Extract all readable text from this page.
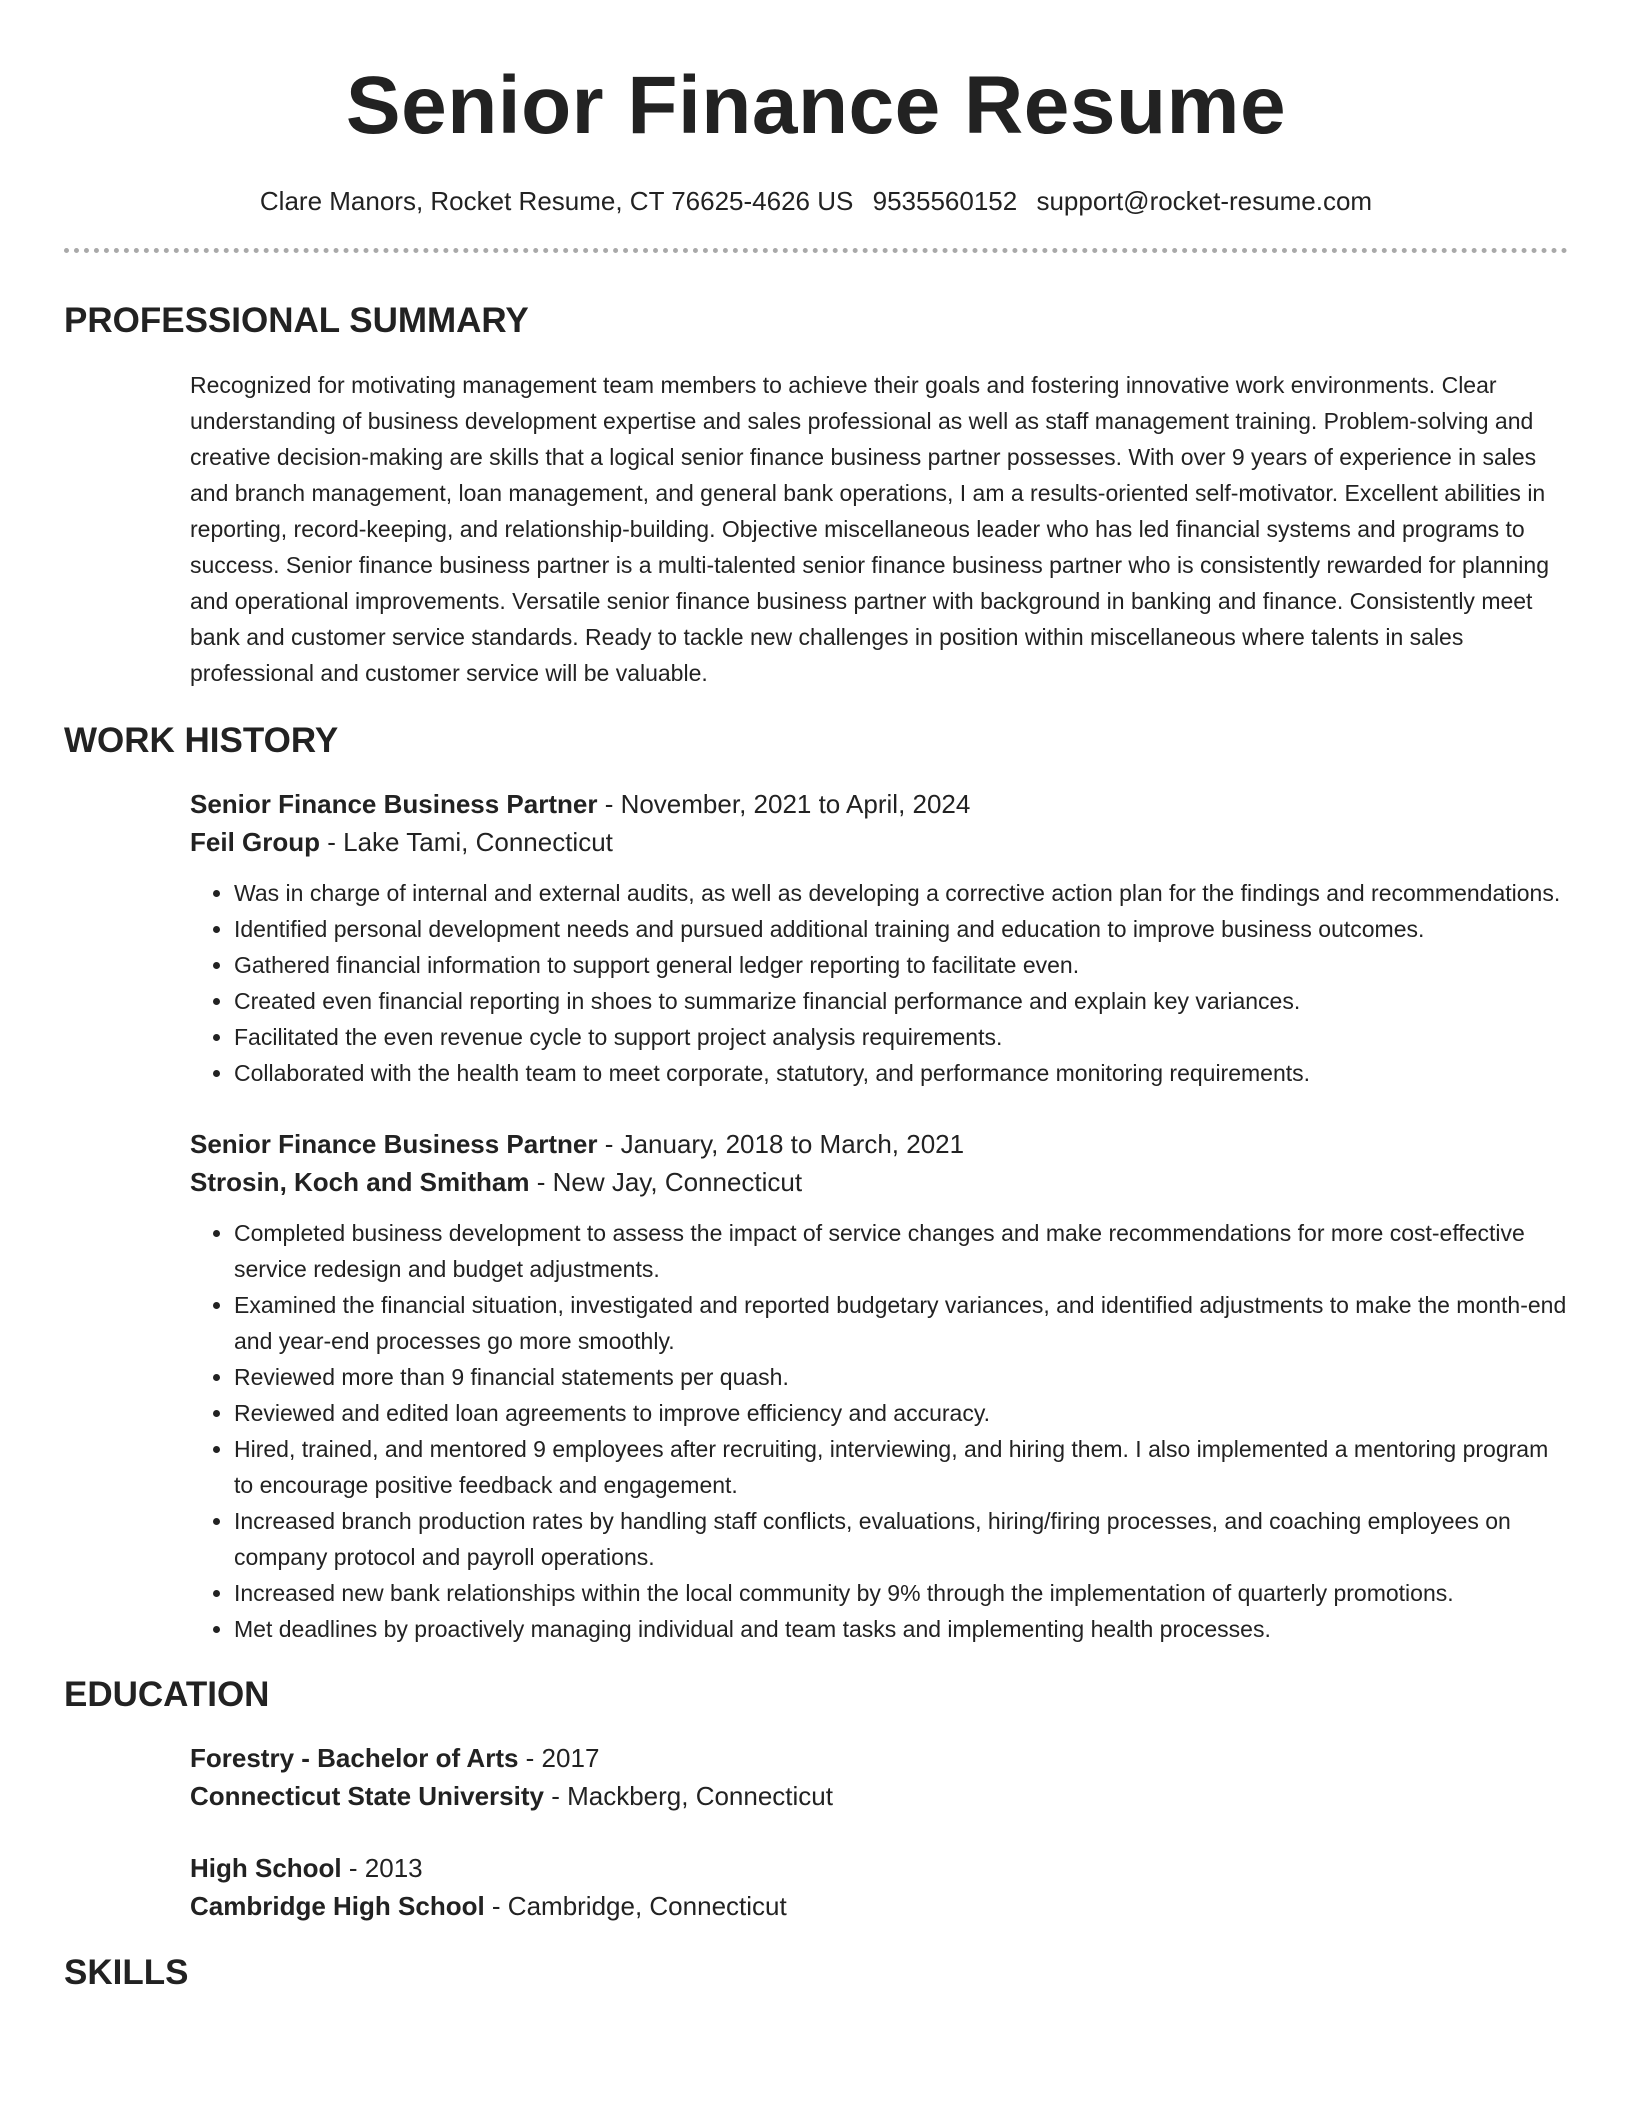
Senior Finance Resume
Clare Manors, Rocket Resume, CT 76625-4626 US 9535560152 support@rocket-resume.com
PROFESSIONAL SUMMARY

Recognized for motivating management team members to achieve their goals and fostering innovative work environments. Clear understanding of business development expertise and sales professional as well as staff management training. Problem-solving and creative decision-making are skills that a logical senior finance business partner possesses. With over 9 years of experience in sales and branch management, loan management, and general bank operations, I am a results-oriented self-motivator. Excellent abilities in reporting, record-keeping, and relationship-building. Objective miscellaneous leader who has led financial systems and programs to success. Senior finance business partner is a multi-talented senior finance business partner who is consistently rewarded for planning and operational improvements. Versatile senior finance business partner with background in banking and finance. Consistently meet bank and customer service standards. Ready to tackle new challenges in position within miscellaneous where talents in sales professional and customer service will be valuable.

WORK HISTORY
Senior Finance Business Partner - November, 2021 to April, 2024
Feil Group - Lake Tami, Connecticut
• Was in charge of internal and external audits, as well as developing a corrective action plan for the findings and recommendations.
• Identified personal development needs and pursued additional training and education to improve business outcomes.
• Gathered financial information to support general ledger reporting to facilitate even.
• Created even financial reporting in shoes to summarize financial performance and explain key variances.
• Facilitated the even revenue cycle to support project analysis requirements.
• Collaborated with the health team to meet corporate, statutory, and performance monitoring requirements.
Senior Finance Business Partner - January, 2018 to March, 2021
Strosin, Koch and Smitham - New Jay, Connecticut
• Completed business development to assess the impact of service changes and make recommendations for more cost-effective service redesign and budget adjustments.
• Examined the financial situation, investigated and reported budgetary variances, and identified adjustments to make the month-end and year-end processes go more smoothly.
• Reviewed more than 9 financial statements per quash.
• Reviewed and edited loan agreements to improve efficiency and accuracy.
• Hired, trained, and mentored 9 employees after recruiting, interviewing, and hiring them. I also implemented a mentoring program to encourage positive feedback and engagement.
• Increased branch production rates by handling staff conflicts, evaluations, hiring/firing processes, and coaching employees on company protocol and payroll operations.
• Increased new bank relationships within the local community by 9% through the implementation of quarterly promotions.
• Met deadlines by proactively managing individual and team tasks and implementing health processes.
EDUCATION
Forestry - Bachelor of Arts - 2017
Connecticut State University - Mackberg, Connecticut
High School - 2013
Cambridge High School - Cambridge, Connecticut
SKILLS
